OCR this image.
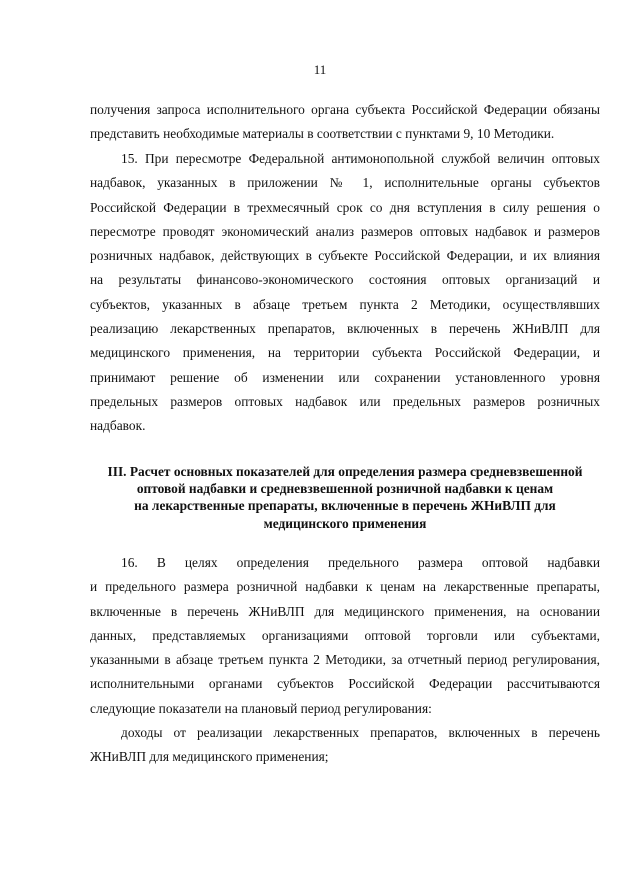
11
получения запроса исполнительного органа субъекта Российской Федерации обязаны
представить необходимые материалы в соответствии с пунктами 9, 10 Методики.
15. При пересмотре Федеральной антимонопольной службой величин оптовых
надбавок, указанных в приложении № 1, исполнительные органы субъектов
Российской Федерации в трехмесячный срок со дня вступления в силу решения о
пересмотре проводят экономический анализ размеров оптовых надбавок и размеров
розничных надбавок, действующих в субъекте Российской Федерации, и их влияния
на результаты финансово-экономического состояния оптовых организаций и
субъектов, указанных в абзаце третьем пункта 2 Методики, осуществлявших
реализацию лекарственных препаратов, включенных в перечень ЖНиВЛП для
медицинского применения, на территории субъекта Российской Федерации, и
принимают решение об изменении или сохранении установленного уровня
предельных размеров оптовых надбавок или предельных размеров розничных
надбавок.
III. Расчет основных показателей для определения размера средневзвешенной
оптовой надбавки и средневзвешенной розничной надбавки к ценам
на лекарственные препараты, включенные в перечень ЖНиВЛП для
медицинского применения
16. В целях определения предельного размера оптовой надбавки
и предельного размера розничной надбавки к ценам на лекарственные препараты,
включенные в перечень ЖНиВЛП для медицинского применения, на основании
данных, представляемых организациями оптовой торговли или субъектами,
указанными в абзаце третьем пункта 2 Методики, за отчетный период регулирования,
исполнительными органами субъектов Российской Федерации рассчитываются
следующие показатели на плановый период регулирования:
доходы от реализации лекарственных препаратов, включенных в перечень
ЖНиВЛП для медицинского применения;
